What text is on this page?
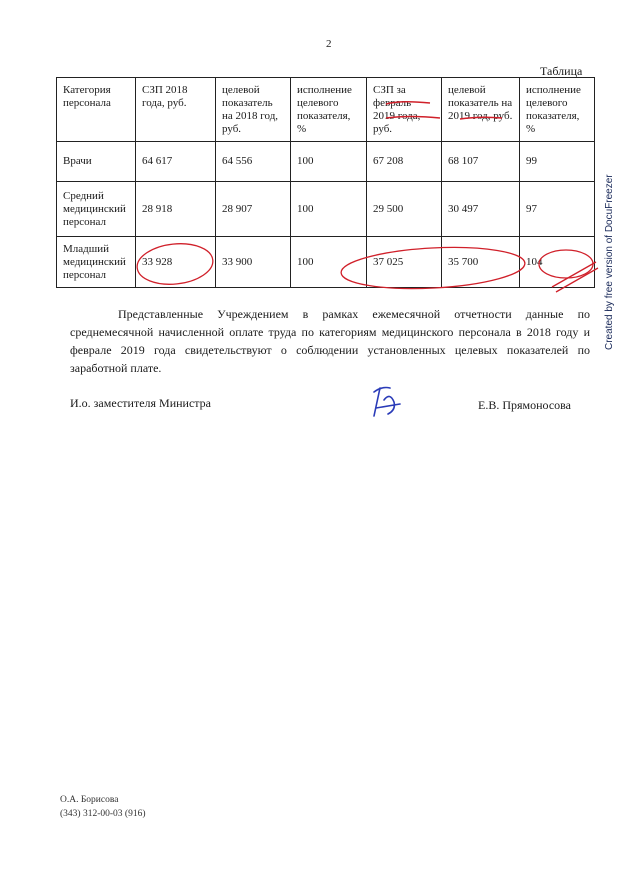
2
Таблица
Категория персонала	СЗП 2018 года, руб.	целевой показатель на 2018 год, руб.	исполнение целевого показателя, %	СЗП за февраль 2019 года, руб.	целевой показатель на 2019 год, руб.	исполнение целевого показателя, %
Врачи	64 617	64 556	100	67 208	68 107	99
Средний медицинский персонал	28 918	28 907	100	29 500	30 497	97
Младший медицинский персонал	33 928	33 900	100	37 025	35 700	104
Представленные Учреждением в рамках ежемесячной отчетности данные по среднемесячной начисленной оплате труда по категориям медицинского персонала в 2018 году и феврале 2019 года свидетельствуют о соблюдении установленных целевых показателей по заработной плате.
И.о. заместителя Министра	Е.В. Прямоносова
О.А. Борисова
(343) 312-00-03 (916)
Created by free version of DocuFreezer
